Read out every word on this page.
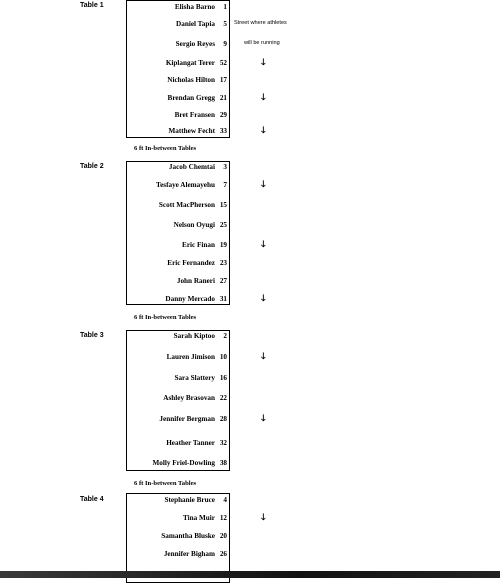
Table 1
Table 2
Table 3
Table 4
Elisha Barno 1
Daniel Tapia 5
Sergio Reyes 9
Kiplangat Terer 52
Nicholas Hilton 17
Brendan Gregg 21
Bret Fransen 29
Matthew Fecht 33
Jacob Chemtai 3
Tesfaye Alemayehu 7
Scott MacPherson 15
Nelson Oyugi 25
Eric Finan 19
Eric Fernandez 23
John Raneri 27
Danny Mercado 31
Sarah Kiptoo 2
Lauren Jimison 10
Sara Slattery 16
Ashley Brasovan 22
Jennifer Bergman 28
Heather Tanner 32
Molly Friel-Dowling 38
Stephanie Bruce 4
Tina Muir 12
Samantha Bluske 20
Jennifer Bigham 26
6 ft In-between Tables
6 ft In-between Tables
6 ft In-between Tables
Street where athletes
will be running
🡓
🡓
🡓
🡓
🡓
🡓
🡓
🡓
🡓
